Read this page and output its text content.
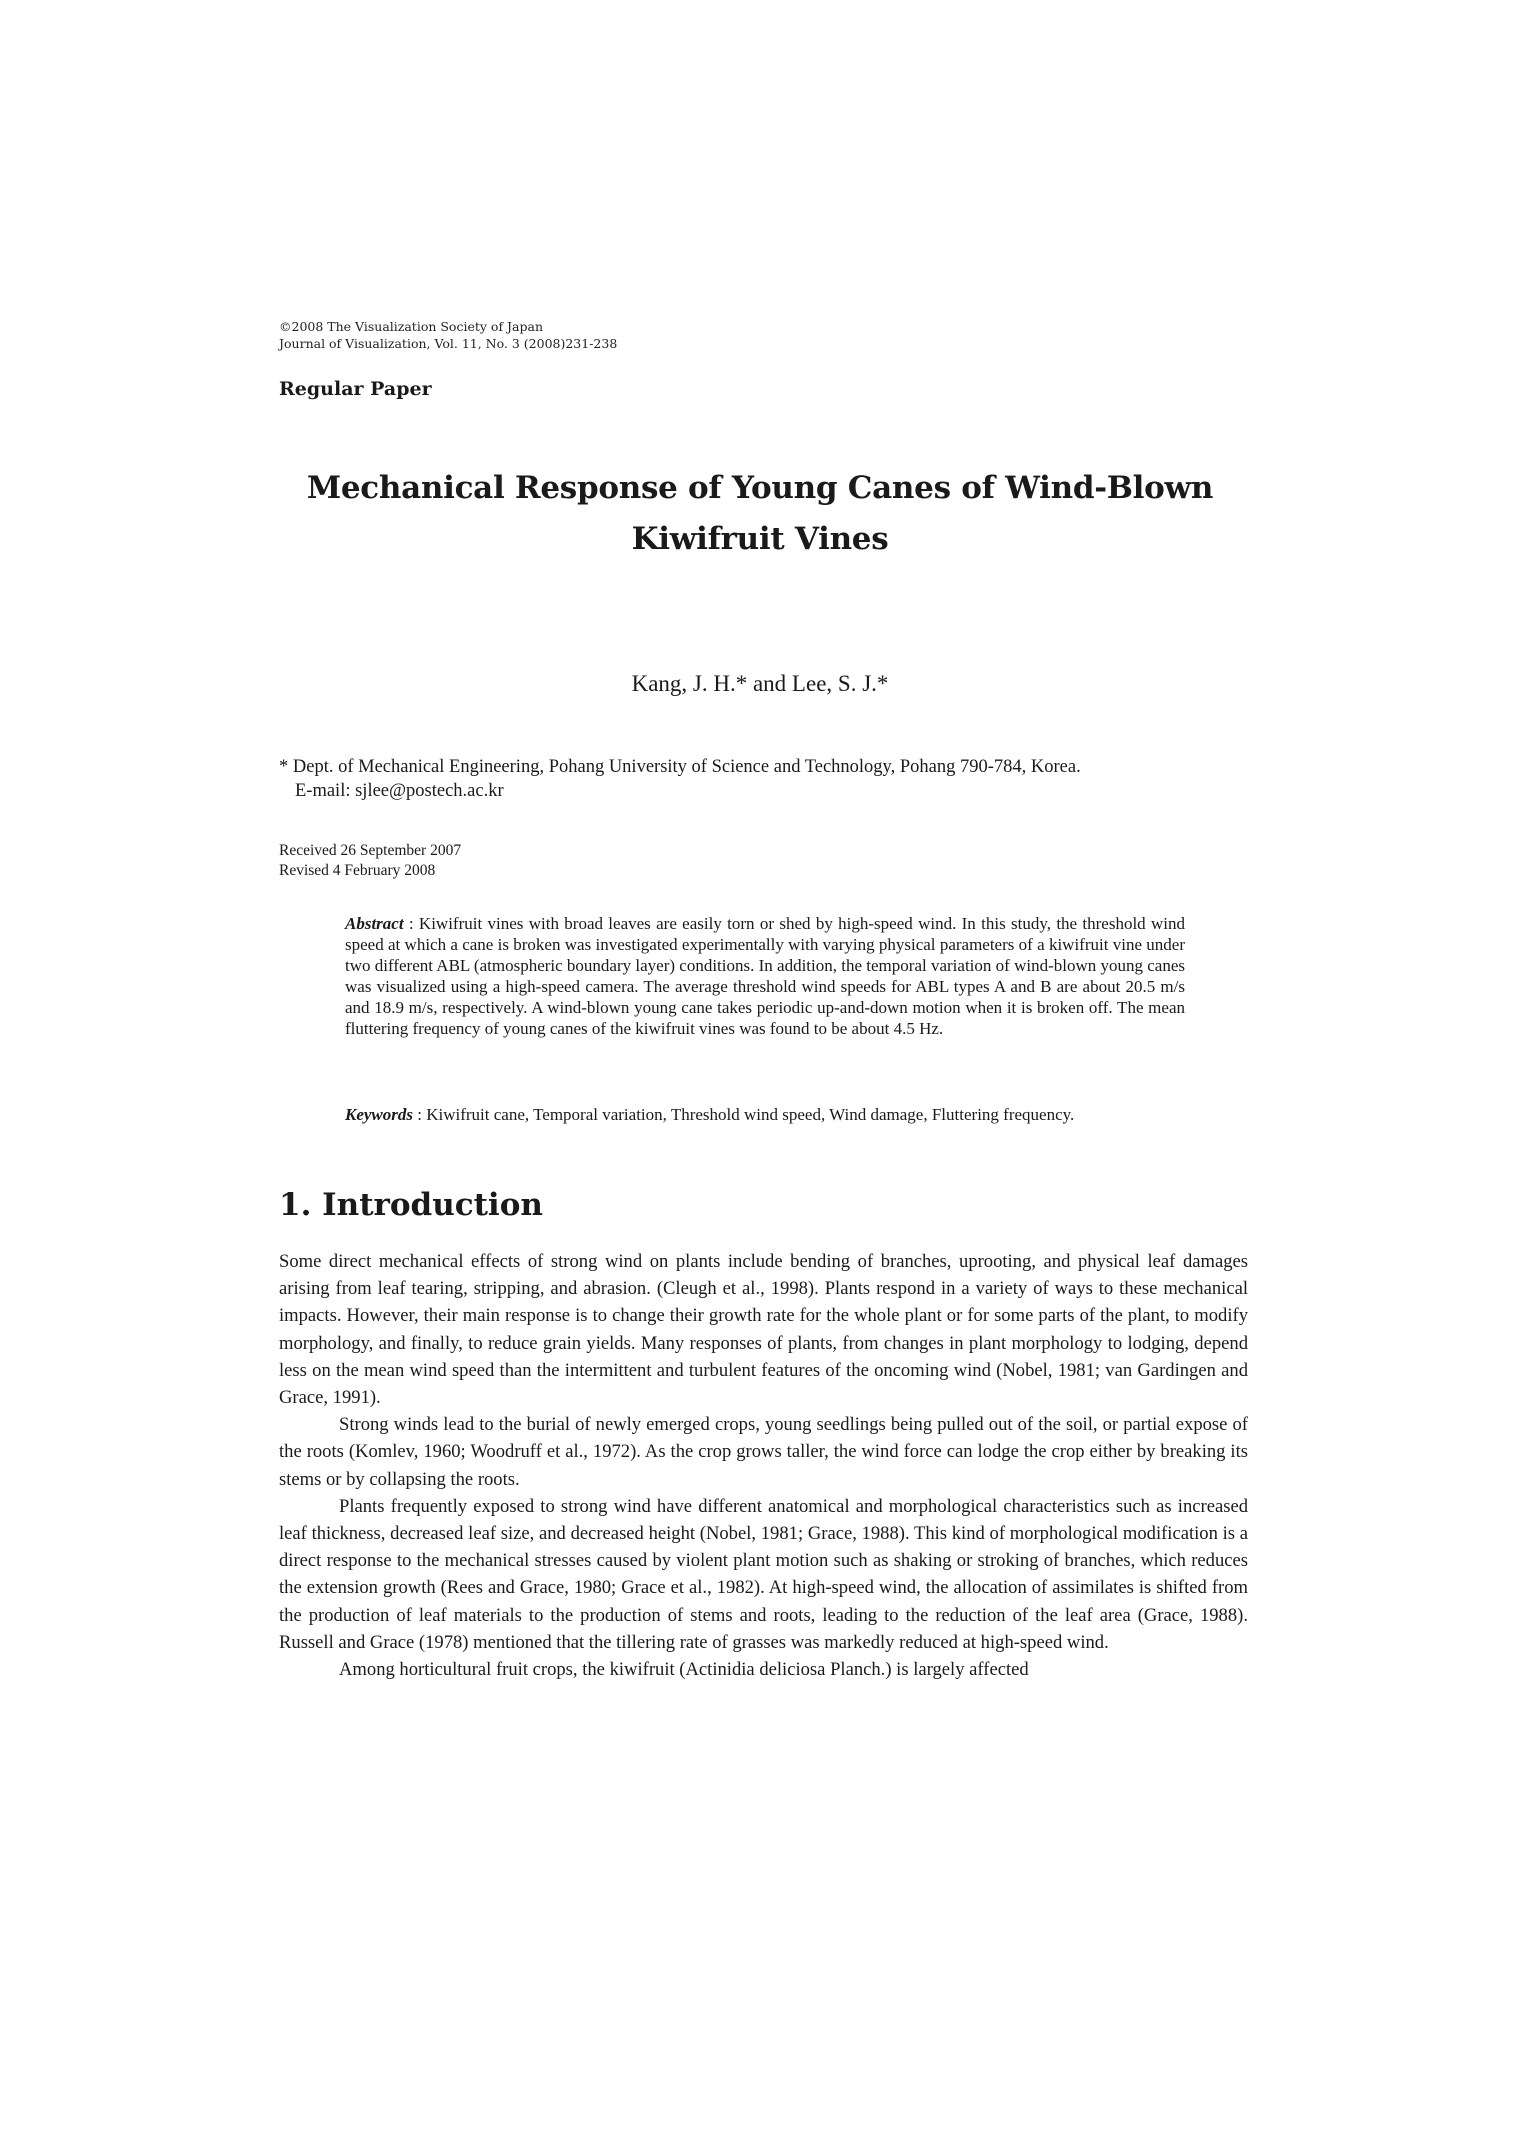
©2008 The Visualization Society of Japan
Journal of Visualization, Vol. 11, No. 3 (2008)231-238
Regular Paper
Mechanical Response of Young Canes of Wind-Blown
Kiwifruit Vines
Kang, J. H.* and Lee, S. J.*
* Dept. of Mechanical Engineering, Pohang University of Science and Technology, Pohang 790-784, Korea.
E-mail: sjlee@postech.ac.kr
Received 26 September 2007
Revised 4 February 2008
Abstract : Kiwifruit vines with broad leaves are easily torn or shed by high-speed wind. In this study, the threshold wind speed at which a cane is broken was investigated experimentally with varying physical parameters of a kiwifruit vine under two different ABL (atmospheric boundary layer) conditions. In addition, the temporal variation of wind-blown young canes was visualized using a high-speed camera. The average threshold wind speeds for ABL types A and B are about 20.5 m/s and 18.9 m/s, respectively. A wind-blown young cane takes periodic up-and-down motion when it is broken off. The mean fluttering frequency of young canes of the kiwifruit vines was found to be about 4.5 Hz.
Keywords : Kiwifruit cane, Temporal variation, Threshold wind speed, Wind damage, Fluttering frequency.
1. Introduction

Some direct mechanical effects of strong wind on plants include bending of branches, uprooting, and physical leaf damages arising from leaf tearing, stripping, and abrasion. (Cleugh et al., 1998). Plants respond in a variety of ways to these mechanical impacts. However, their main response is to change their growth rate for the whole plant or for some parts of the plant, to modify morphology, and finally, to reduce grain yields. Many responses of plants, from changes in plant morphology to lodging, depend less on the mean wind speed than the intermittent and turbulent features of the oncoming wind (Nobel, 1981; van Gardingen and Grace, 1991).

Strong winds lead to the burial of newly emerged crops, young seedlings being pulled out of the soil, or partial expose of the roots (Komlev, 1960; Woodruff et al., 1972). As the crop grows taller, the wind force can lodge the crop either by breaking its stems or by collapsing the roots.

Plants frequently exposed to strong wind have different anatomical and morphological characteristics such as increased leaf thickness, decreased leaf size, and decreased height (Nobel, 1981; Grace, 1988). This kind of morphological modification is a direct response to the mechanical stresses caused by violent plant motion such as shaking or stroking of branches, which reduces the extension growth (Rees and Grace, 1980; Grace et al., 1982). At high-speed wind, the allocation of assimilates is shifted from the production of leaf materials to the production of stems and roots, leading to the reduction of the leaf area (Grace, 1988). Russell and Grace (1978) mentioned that the tillering rate of grasses was markedly reduced at high-speed wind.

Among horticultural fruit crops, the kiwifruit (Actinidia deliciosa Planch.) is largely affected
